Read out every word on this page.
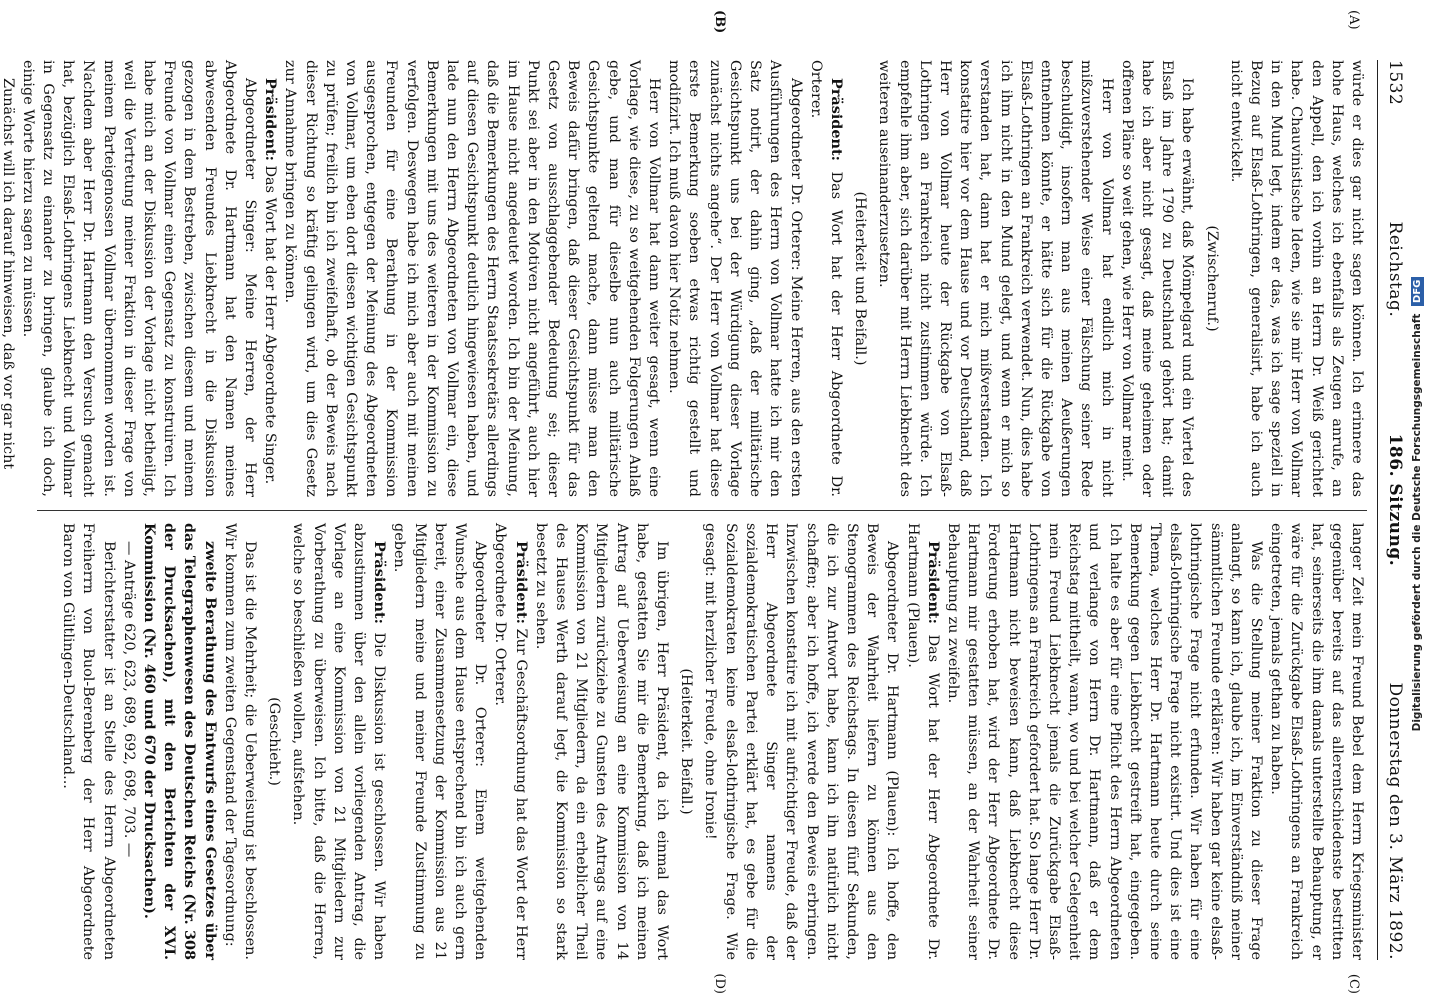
1532
Reichstag.
186. Sitzung.
Donnerstag den 3. März 1892.
(A)
(B)
(C)
(D)

würde er dies gar nicht sagen können. Ich erinnere das hohe Haus, welches ich ebenfalls als Zeugen anrufe, an den Appell, den ich vorhin an Herrn Dr. Weiß gerichtet habe. Chauvinistische Ideen, wie sie mir Herr von Vollmar in den Mund legt, indem er das, was ich sage speziell in Bezug auf Elsaß-Lothringen, generalisirt, habe ich auch nicht entwickelt.

(Zwischenruf.)

Ich habe erwähnt, daß Mömpelgard und ein Viertel des Elsaß im Jahre 1790 zu Deutschland gehört hat; damit habe ich aber nicht gesagt, daß meine geheimen oder offenen Pläne so weit gehen, wie Herr von Vollmar meint.

Herr von Vollmar hat endlich mich in nicht mißzuverstehender Weise einer Fälschung seiner Rede beschuldigt, insofern man aus meinen Aeußerungen entnehmen könnte, er hätte sich für die Rückgabe von Elsaß-Lothringen an Frankreich verwendet. Nun, dies habe ich ihm nicht in den Mund gelegt, und wenn er mich so verstanden hat, dann hat er mich mißverstanden. Ich konstatire hier vor dem Hause und vor Deutschland, daß Herr von Vollmar heute der Rückgabe von Elsaß-Lothringen an Frankreich nicht zustimmen würde. Ich empfehle ihm aber, sich darüber mit Herrn Liebknecht des weiteren auseinanderzusetzen.

(Heiterkeit und Beifall.)

Präsident: Das Wort hat der Herr Abgeordnete Dr. Orterer.

Abgeordneter Dr. Orterer: Meine Herren, aus den ersten Ausführungen des Herrn von Vollmar hatte ich mir den Satz notirt, der dahin ging, „daß der militärische Gesichtspunkt uns bei der Würdigung dieser Vorlage zunächst nichts angehe“. Der Herr von Vollmar hat diese erste Bemerkung soeben etwas richtig gestellt und modifizirt. Ich muß davon hier Notiz nehmen.

Herr von Vollmar hat dann weiter gesagt, wenn eine Vorlage, wie diese, zu so weitgehenden Folgerungen Anlaß gebe, und man für dieselbe nun auch militärische Gesichtspunkte geltend mache, dann müsse man den Beweis dafür bringen, daß dieser Gesichtspunkt für das Gesetz von ausschlaggebender Bedeutung sei; dieser Punkt sei aber in den Motiven nicht angeführt, auch hier im Hause nicht angedeutet worden. Ich bin der Meinung, daß die Bemerkungen des Herrn Staatssekretärs allerdings auf diesen Gesichtspunkt deutlich hingewiesen haben, und lade nun den Herrn Abgeordneten von Vollmar ein, diese Bemerkungen mit uns des weiteren in der Kommission zu verfolgen. Deswegen habe ich mich aber auch mit meinen Freunden für eine Berathung in der Kommission ausgesprochen, entgegen der Meinung des Abgeordneten von Vollmar, um eben dort diesen wichtigen Gesichtspunkt zu prüfen; freilich bin ich zweifelhaft, ob der Beweis nach dieser Richtung so kräftig gelingen wird, um dies Gesetz zur Annahme bringen zu können.

Präsident: Das Wort hat der Herr Abgeordnete Singer.

Abgeordneter Singer: Meine Herren, der Herr Abgeordnete Dr. Hartmann hat den Namen meines abwesenden Freundes Liebknecht in die Diskussion gezogen in dem Bestreben, zwischen diesem und meinem Freunde von Vollmar einen Gegensatz zu konstruiren. Ich habe mich an der Diskussion der Vorlage nicht betheiligt, weil die Vertretung meiner Fraktion in dieser Frage von meinem Parteigenossen Vollmar übernommen worden ist. Nachdem aber Herr Dr. Hartmann den Versuch gemacht hat, bezüglich Elsaß-Lothringens Liebknecht und Vollmar in Gegensatz zu einander zu bringen, glaube ich doch, einige Worte hierzu sagen zu müssen.

Zunächst will ich darauf hinweisen, daß vor gar nicht

langer Zeit mein Freund Bebel dem Herrn Kriegsminister gegenüber bereits auf das allerentschiedenste bestritten hat, seinerseits die ihm damals unterstellte Behauptung, er wäre für die Zurückgabe Elsaß-Lothringens an Frankreich eingetreten, jemals gethan zu haben.

Was die Stellung meiner Fraktion zu dieser Frage anlangt, so kann ich, glaube ich, im Einverständniß meiner sämmtlichen Freunde erklären: Wir haben gar keine elsaß-lothringische Frage nicht erfunden. Wir haben für eine elsaß-lothringische Frage nicht existirt. Und dies ist eine Thema, welches Herr Dr. Hartmann heute durch seine Bemerkung gegen Liebknecht gestreift hat, eingegeben. Ich halte es aber für eine Pflicht des Herrn Abgeordneten und verlange von Herrn Dr. Hartmann, daß er dem Reichstag mittheilt, wann, wo und bei welcher Gelegenheit mein Freund Liebknecht jemals die Zurückgabe Elsaß-Lothringens an Frankreich gefordert hat. So lange Herr Dr. Hartmann nicht beweisen kann, daß Liebknecht diese Forderung erhoben hat, wird der Herr Abgeordnete Dr. Hartmann mir gestatten müssen, an der Wahrheit seiner Behauptung zu zweifeln.

Präsident: Das Wort hat der Herr Abgeordnete Dr. Hartmann (Plauen).

Abgeordneter Dr. Hartmann (Plauen): Ich hoffe, den Beweis der Wahrheit liefern zu können aus den Stenogrammen des Reichstags. In diesen fünf Sekunden, die ich zur Antwort habe, kann ich ihn natürlich nicht schaffen; aber ich hoffe, ich werde den Beweis erbringen. Inzwischen konstatire ich mit aufrichtiger Freude, daß der Herr Abgeordnete Singer namens der sozialdemokratischen Partei erklärt hat, es gebe für die Sozialdemokraten keine elsaß-lothringische Frage. Wie gesagt: mit herzlicher Freude, ohne Ironie!

(Heiterkeit. Beifall.)

Im übrigen, Herr Präsident, da ich einmal das Wort habe, gestatten Sie mir die Bemerkung, daß ich meinen Antrag auf Ueberweisung an eine Kommission von 14 Mitgliedern zurückziehe zu Gunsten des Antrags auf eine Kommission von 21 Mitgliedern, da ein erheblicher Theil des Hauses Werth darauf legt, die Kommission so stark besetzt zu sehen.

Präsident: Zur Geschäftsordnung hat das Wort der Herr Abgeordnete Dr. Orterer.

Abgeordneter Dr. Orterer: Einem weitgehenden Wunsche aus dem Hause entsprechend bin ich auch gern bereit, einer Zusammensetzung der Kommission aus 21 Mitgliedern meine und meiner Freunde Zustimmung zu geben.

Präsident: Die Diskussion ist geschlossen. Wir haben abzustimmen über den allein vorliegenden Antrag, die Vorlage an eine Kommission von 21 Mitgliedern zur Vorberathung zu überweisen. Ich bitte, daß die Herren, welche so beschließen wollen, aufstehen.

(Geschieht.)

Das ist die Mehrheit; die Ueberweisung ist beschlossen. Wir kommen zum zweiten Gegenstand der Tagesordnung:

zweite Berathung des Entwurfs eines Gesetzes über das Telegraphenwesen des Deutschen Reichs (Nr. 308 der Drucksachen), mit den Berichten der XVI. Kommission (Nr. 460 und 670 der Drucksachen).

— Anträge 620, 623, 689, 692, 698, 703. —

Berichterstatter ist an Stelle des Herrn Abgeordneten Freiherrn von Buol-Berenberg der Herr Abgeordnete Baron von Gültlingen-Deutschland...	Digitalisierung gefördert durch die Deutsche Forschungsgemeinschaft DFG
